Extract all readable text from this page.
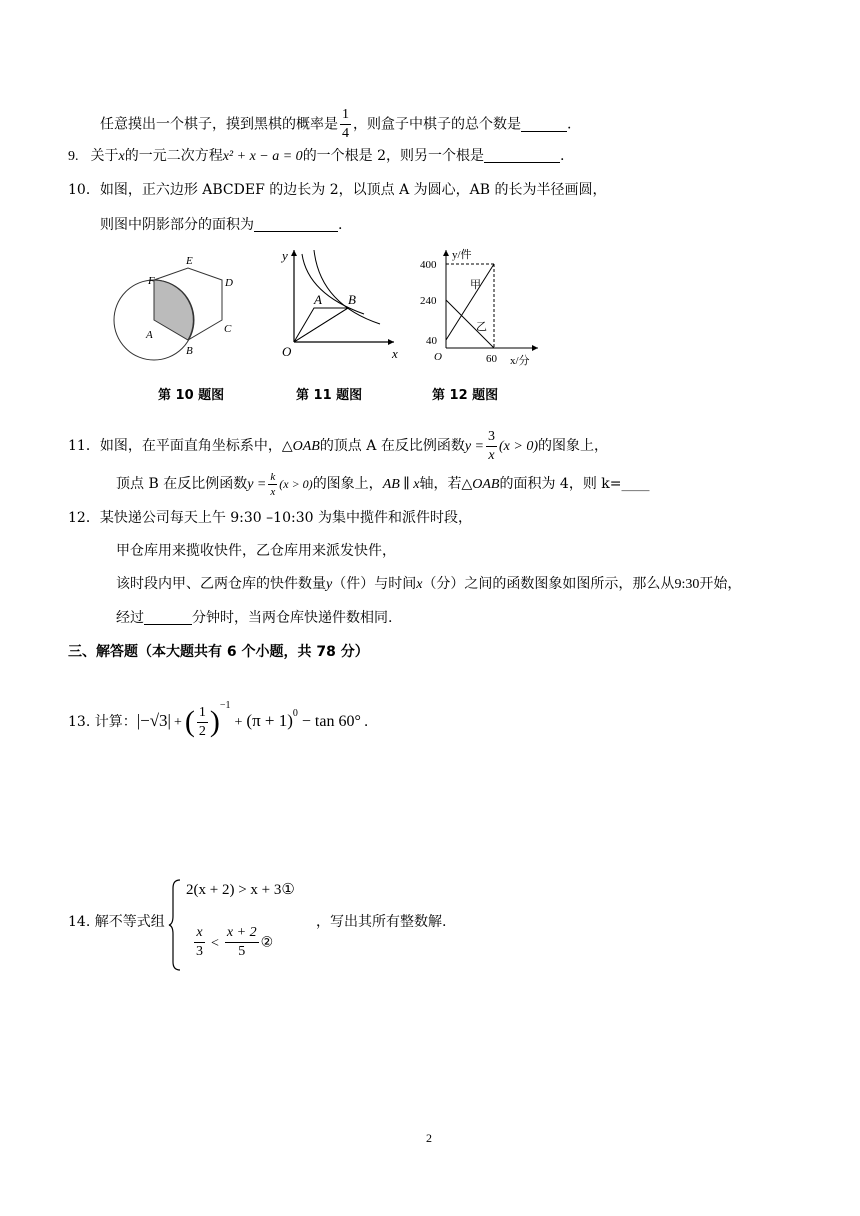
任意摸出一个棋子，摸到黑棋的概率是 $\frac{1}{4}$ ，则盒子中棋子的总个数是	.
9. 关于x的一元二次方程x² + x − a = 0的一个根是 2，则另一个根是	.
10．如图，正六边形 ABCDEF 的边长为 2，以顶点 A 为圆心，AB 的长为半径画圆，
则图中阴影部分的面积为	.
E
D
C
B
A
F
第 10 题图
y
x
O
A B
第 11 题图
y/件
400
240
40
O	60 x/分
甲
乙
第 12 题图
11．如图，在平面直角坐标系中，△OAB的顶点 A 在反比例函数$y = \frac{3}{x} (x > 0)$的图象上，
顶点 B 在反比例函数$y = \frac{k}{x} (x > 0)$的图象上，AB ∥ x轴，若△OAB的面积为 4，则 k=____
12．某快递公司每天上午 9:30 –10:30 为集中揽件和派件时段，
甲仓库用来揽收快件，乙仓库用来派发快件，
该时段内甲、乙两仓库的快件数量y（件）与时间x（分）之间的函数图象如图所示，那么从9:30开始，
经过	分钟时，当两仓库快递件数相同.
三、解答题（本大题共有 6 个小题，共 78 分）
13. 计算：|−√3| + ( $\frac{1}{2} )^{-1}+ (\pi + 1)^0 - \tan 60^\circ$ .
14. 解不等式组
2(x + 2) > x + 3①
$\frac{x}{3} < \frac{x + 2}{5}$ ②
，写出其所有整数解.
2
